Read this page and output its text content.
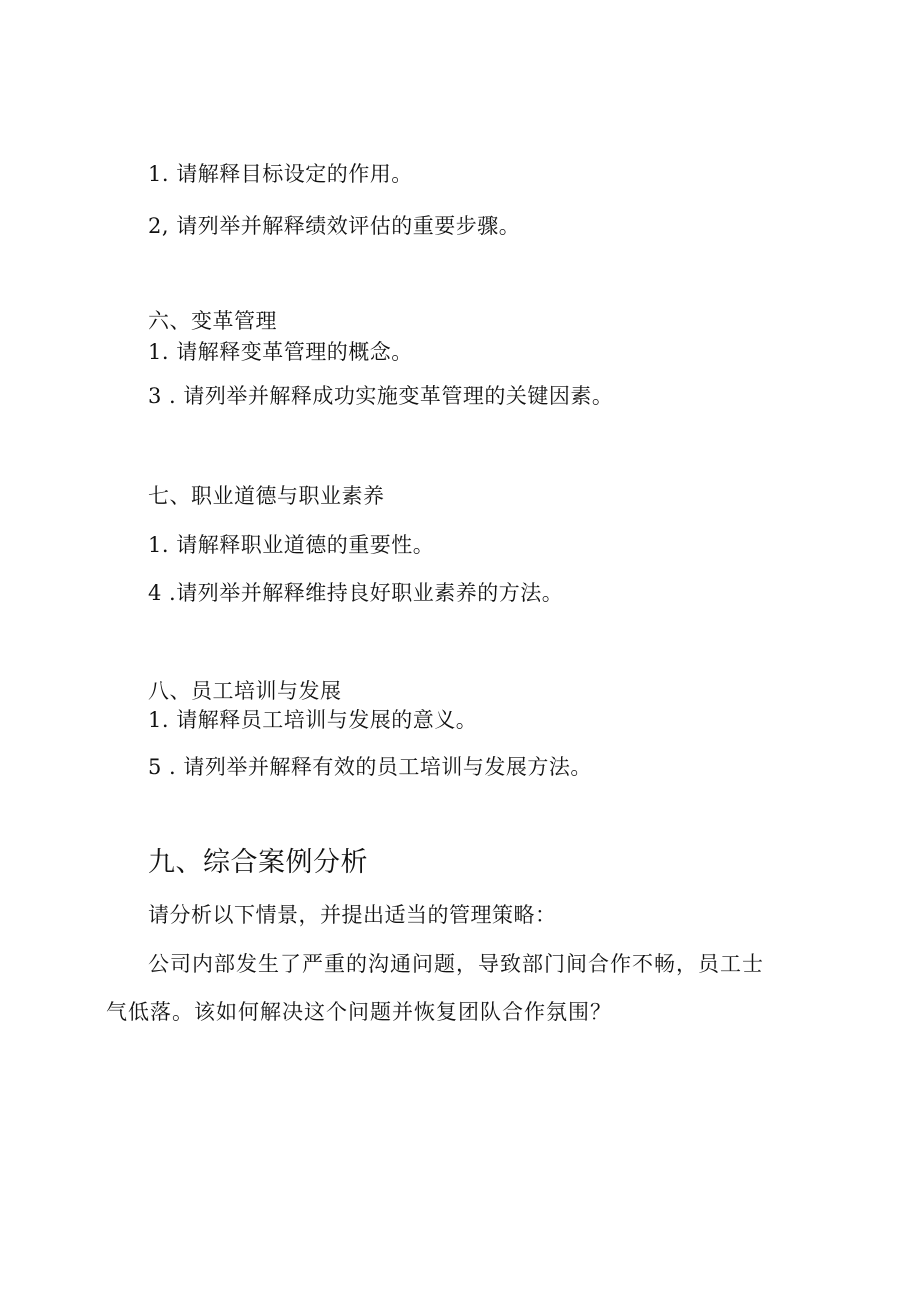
1. 请解释目标设定的作用。
2, 请列举并解释绩效评估的重要步骤。
六、变革管理
1. 请解释变革管理的概念。
3 . 请列举并解释成功实施变革管理的关键因素。
七、职业道德与职业素养
1. 请解释职业道德的重要性。
4 .请列举并解释维持良好职业素养的方法。
八、员工培训与发展
1. 请解释员工培训与发展的意义。
5 . 请列举并解释有效的员工培训与发展方法。
九、综合案例分析
请分析以下情景，并提出适当的管理策略：
公司内部发生了严重的沟通问题，导致部门间合作不畅，员工士
气低落。该如何解决这个问题并恢复团队合作氛围？
